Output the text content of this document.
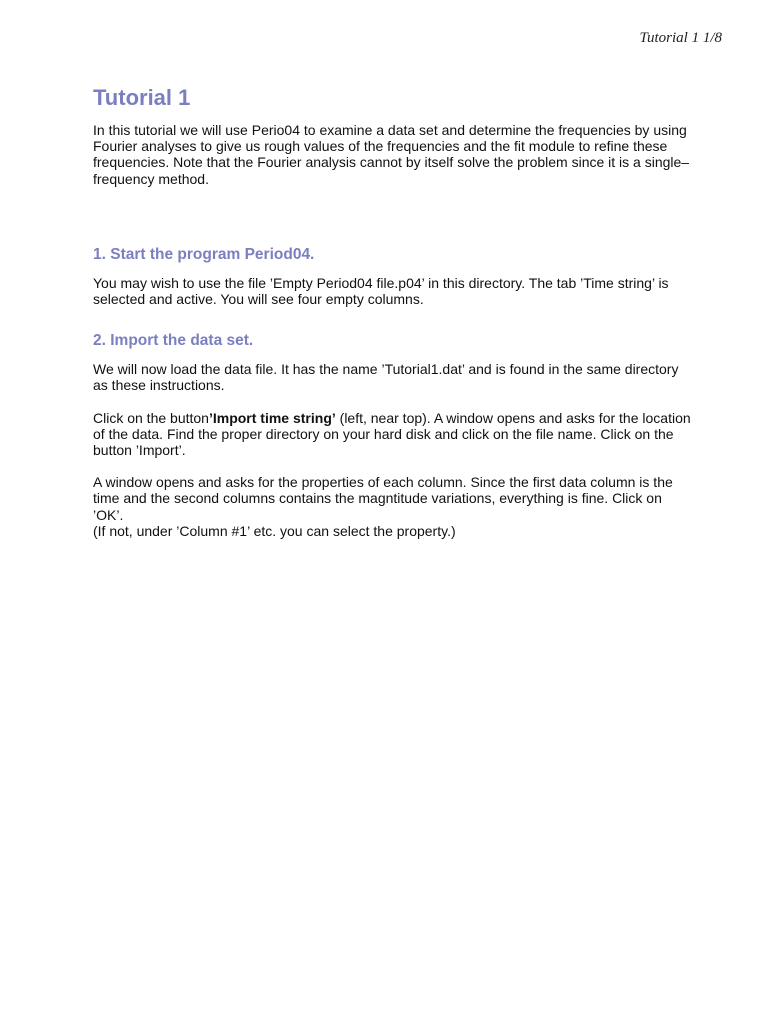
Tutorial 1 1/8
Tutorial 1

In this tutorial we will use Perio04 to examine a data set and determine the frequencies by using Fourier analyses to give us rough values of the frequencies and the fit module to refine these frequencies. Note that the Fourier analysis cannot by itself solve the problem since it is a single–frequency method.

1. Start the program Period04.

You may wish to use the file ’Empty Period04 file.p04’ in this directory. The tab ’Time string’ is selected and active. You will see four empty columns.

2. Import the data set.

We will now load the data file. It has the name ’Tutorial1.dat’ and is found in the same directory as these instructions.

Click on the button’Import time string’ (left, near top). A window opens and asks for the location of the data. Find the proper directory on your hard disk and click on the file name. Click on the button ’Import’.

A window opens and asks for the properties of each column. Since the first data column is the time and the second columns contains the magntitude variations, everything is fine. Click on ’OK’.
(If not, under ’Column #1’ etc. you can select the property.)
